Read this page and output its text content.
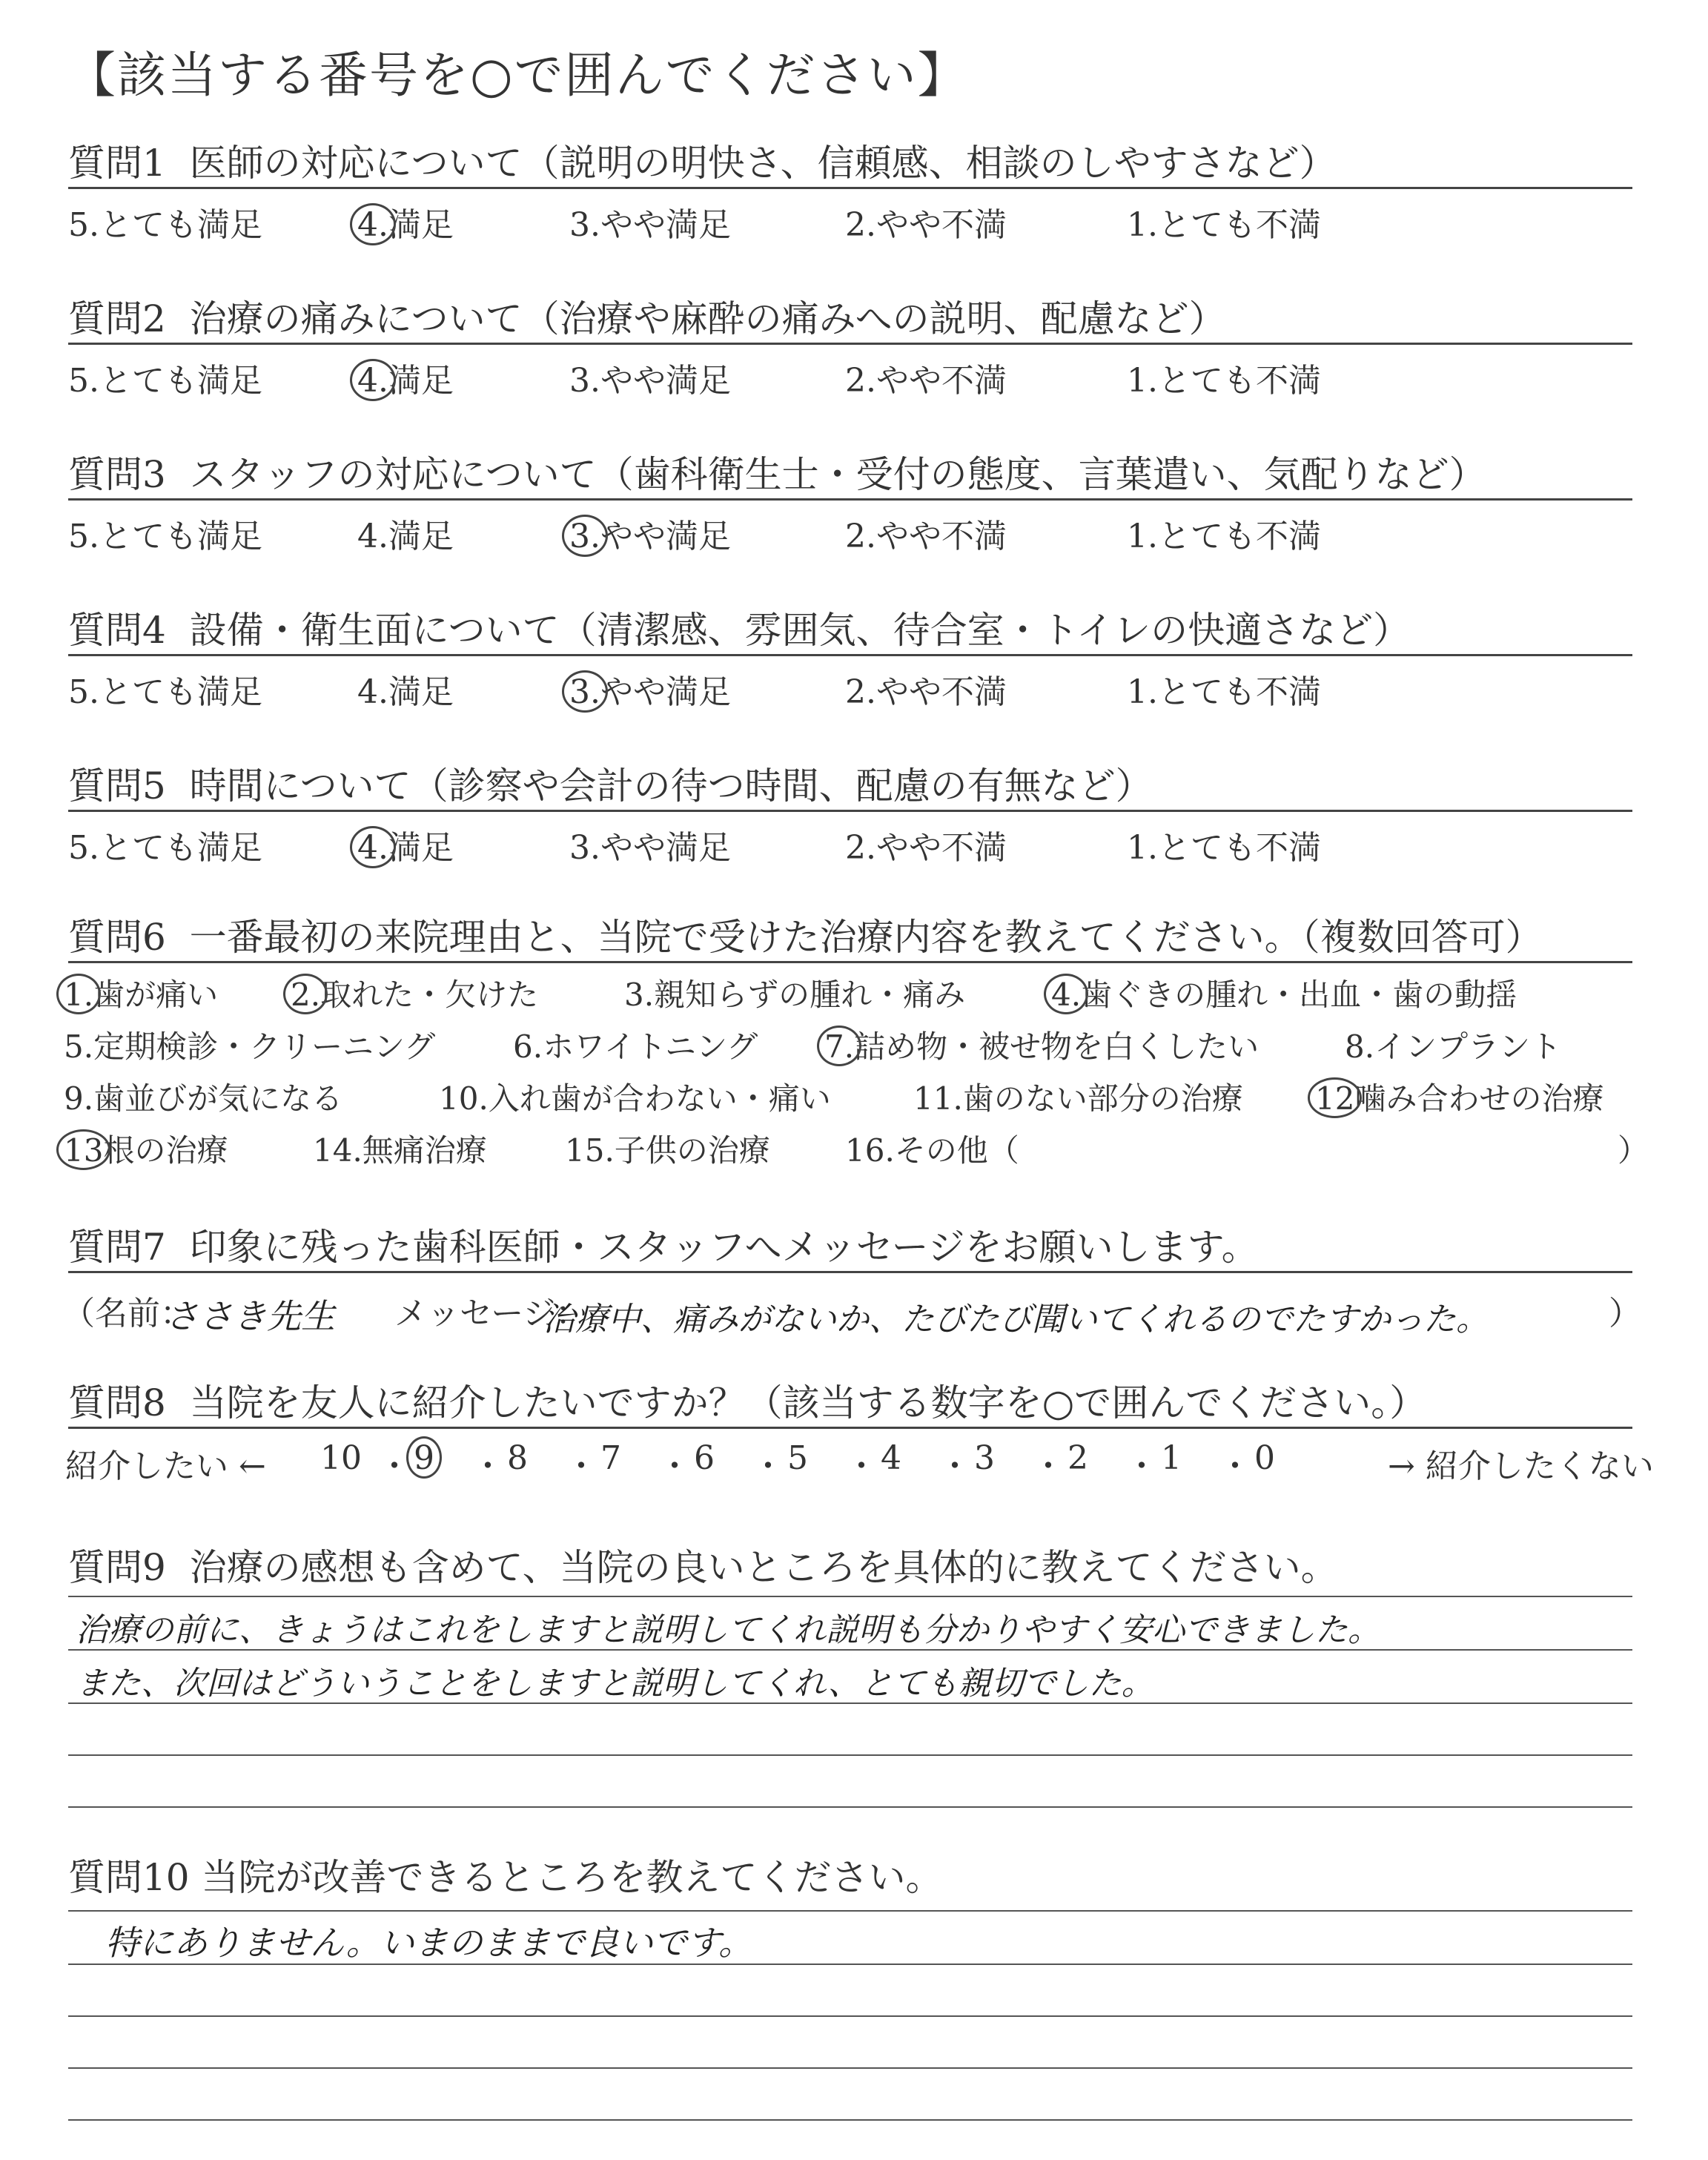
【該当する番号を○で囲んでください】
質問1 医師の対応について（説明の明快さ、信頼感、相談のしやすさなど）
5.とても満足	4.満足	3.やや満足	2.やや不満	1.とても不満
質問2 治療の痛みについて（治療や麻酔の痛みへの説明、配慮など）
5.とても満足	4.満足	3.やや満足	2.やや不満	1.とても不満
質問3 スタッフの対応について（歯科衛生士・受付の態度、言葉遣い、気配りなど）
5.とても満足	4.満足	3.やや満足	2.やや不満	1.とても不満
質問4 設備・衛生面について（清潔感、雰囲気、待合室・トイレの快適さなど）
5.とても満足	4.満足	3.やや満足	2.やや不満	1.とても不満
質問5 時間について（診察や会計の待つ時間、配慮の有無など）
5.とても満足	4.満足	3.やや満足	2.やや不満	1.とても不満
質問6 一番最初の来院理由と、当院で受けた治療内容を教えてください。（複数回答可）
1.歯が痛い 2.取れた・欠けた	3.親知らずの腫れ・痛み	4.歯ぐきの腫れ・出血・歯の動揺
5.定期検診・クリーニング 6.ホワイトニング 7.詰め物・被せ物を白くしたい	8.インプラント
9.歯並びが気になる	10.入れ歯が合わない・痛い	11.歯のない部分の治療 12噛み合わせの治療
13根の治療	14.無痛治療	15.子供の治療 16.その他（	）
質問7 印象に残った歯科医師・スタッフへメッセージをお願いします。
（名前：
ささき先生 メッセージ：
治療中、痛みがないか、たびたび聞いてくれるのでたすかった。	）
質問8 当院を友人に紹介したいですか？（該当する数字を○で囲んでください。）
紹介したい ←	→ 紹介したくない
10 ・ 9 ・ 8 ・ 7 ・ 6 ・ 5 ・ 4 ・ 3 ・ 2 ・ 1 ・ 0
質問9 治療の感想も含めて、当院の良いところを具体的に教えてください。
治療の前に、きょうはこれをしますと説明してくれ説明も分かりやすく安心できました。
また、次回はどういうことをしますと説明してくれ、とても親切でした。
質問10 当院が改善できるところを教えてください。
特にありません。いまのままで良いです。
